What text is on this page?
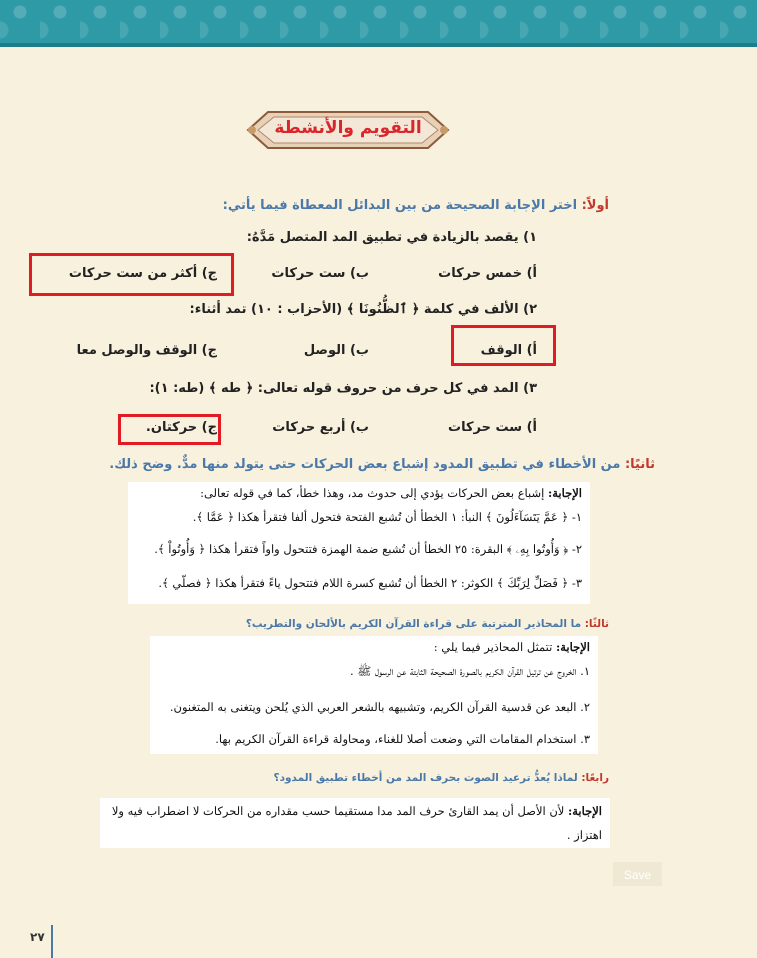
التقويم والأنشطة
أولاً: اختر الإجابة الصحيحة من بين البدائل المعطاة فيما يأتي:
١) يقصد بالزيادة في تطبيق المد المتصل مَدَّهُ:
أ) خمس حركات
ب) ست حركات
ج) أكثر من ست حركات
٢) الألف في كلمة ﴿ ٱلظُّنُونَا ﴾ (الأحزاب : ١٠) تمد أثناء:
أ) الوقف
ب) الوصل
ج) الوقف والوصل معا
٣) المد في كل حرف من حروف قوله تعالى: ﴿ طه ﴾ (طه: ١):
أ) ست حركات
ب) أربع حركات
ج) حركتان.
ثانيًا: من الأخطاء في تطبيق المدود إشباع بعض الحركات حتى يتولد منها مدٌّ. وضح ذلك.
الإجابة: إشباع بعض الحركات يؤدي إلى حدوث مد، وهذا خطأ، كما في قوله تعالى:
١- ﴿ عَمَّ يَتَسَآءَلُونَ ﴾ النبأ: ١ الخطأ أن تُشبع الفتحة فتحول ألفا فتقرأ هكذا ﴿ عَمَّا ﴾.
٢- ﴿ وَأُوتُوا بِهِۦ ﴾ البقرة: ٢٥ الخطأ أن تُشبع ضمة الهمزة فتتحول واواً فتقرأ هكذا ﴿ وَأُوتُواْ ﴾.
٣- ﴿ فَصَلِّ لِرَبِّكَ ﴾ الكوثر: ٢ الخطأ أن تُشبع كسرة اللام فتتحول ياءً فتقرأ هكذا ﴿ فصلّي ﴾.
ثالثًا: ما المحاذير المترتبة على قراءة القرآن الكريم بالألحان والتطريب؟
الإجابة: تتمثل المحاذير فيما يلي :
١. الخروج عن ترتيل القرآن الكريم بالصورة الصحيحة الثابتة عن الرسول ﷺ .
٢. البعد عن قدسية القرآن الكريم، وتشبيهه بالشعر العربي الذي يُلحن ويتغنى به المتغنون.
٣. استخدام المقامات التي وضعت أصلا للغناء، ومحاولة قراءة القرآن الكريم بها.
رابعًا: لماذا يُعدُّ ترعيد الصوت بحرف المد من أخطاء تطبيق المدود؟
الإجابة: لأن الأصل أن يمد القارئ حرف المد مدا مستقيما حسب مقداره من الحركات لا اضطراب فيه ولا
اهتزاز .
Save
٢٧
